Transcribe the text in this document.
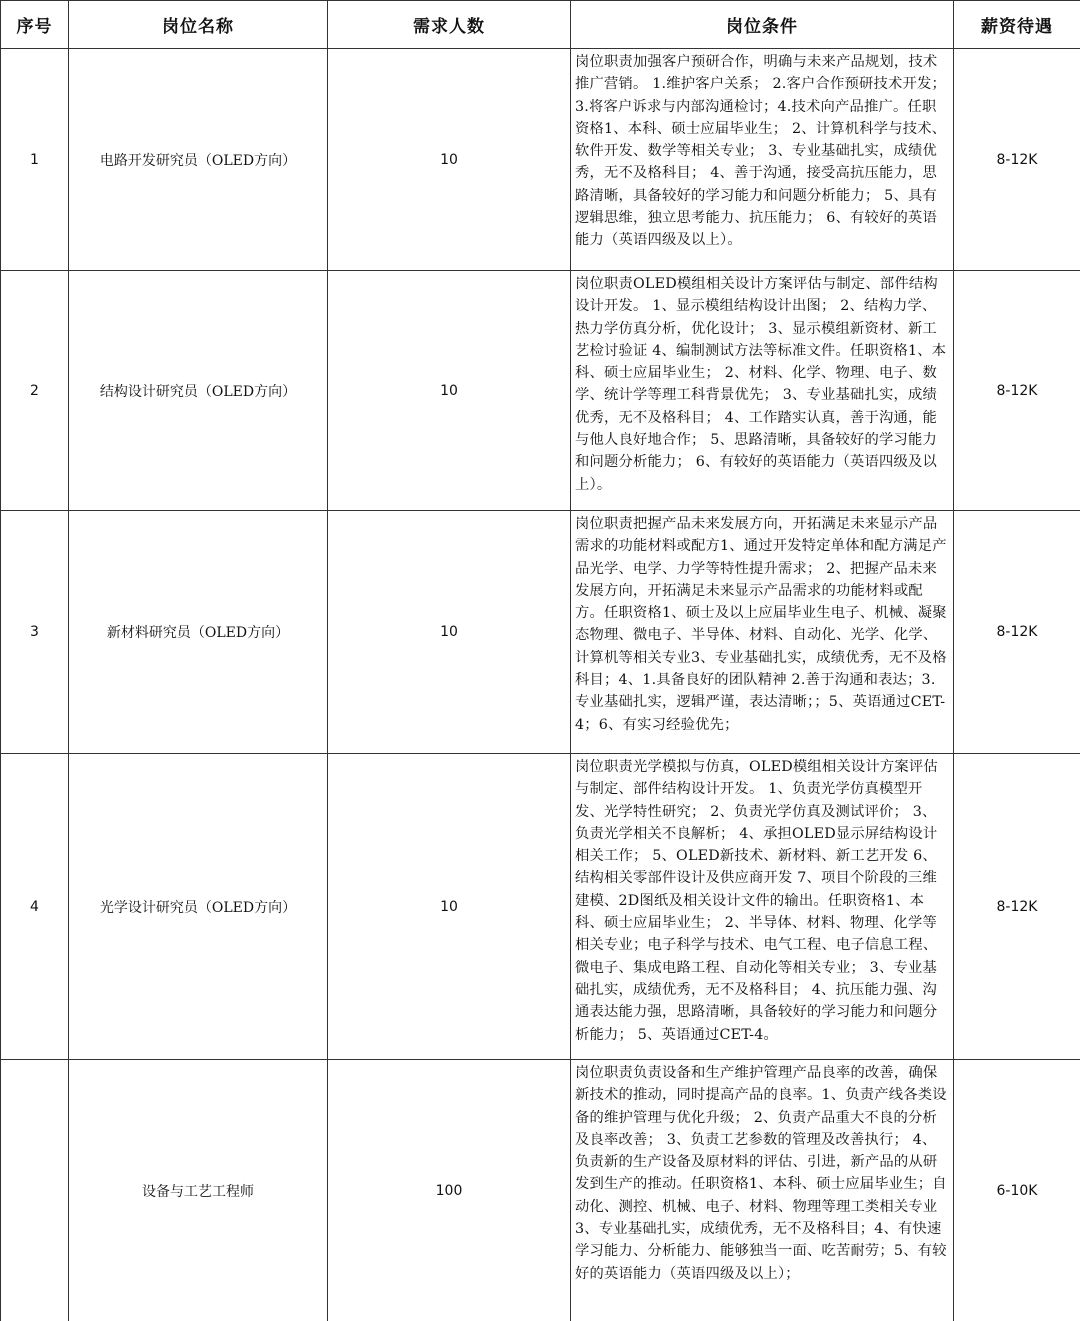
序号	岗位名称	需求人数	岗位条件	薪资待遇
1	电路开发研究员（OLED方向）	10	岗位职责加强客户预研合作，明确与未来产品规划，技术推广营销。 1.维护客户关系； 2.客户合作预研技术开发； 3.将客户诉求与内部沟通检讨；4.技术向产品推广。任职资格1、本科、硕士应届毕业生； 2、计算机科学与技术、软件开发、数学等相关专业； 3、专业基础扎实，成绩优秀，无不及格科目； 4、善于沟通，接受高抗压能力，思路清晰，具备较好的学习能力和问题分析能力； 5、具有逻辑思维，独立思考能力、抗压能力； 6、有较好的英语能力（英语四级及以上）。	8-12K
2	结构设计研究员（OLED方向）	10	岗位职责OLED模组相关设计方案评估与制定、部件结构设计开发。 1、显示模组结构设计出图； 2、结构力学、热力学仿真分析，优化设计； 3、显示模组新资材、新工艺检讨验证 4、编制测试方法等标准文件。任职资格1、本科、硕士应届毕业生； 2、材料、化学、物理、电子、数学、统计学等理工科背景优先； 3、专业基础扎实，成绩优秀，无不及格科目； 4、工作踏实认真，善于沟通，能与他人良好地合作； 5、思路清晰，具备较好的学习能力和问题分析能力； 6、有较好的英语能力（英语四级及以上）。	8-12K
3	新材料研究员（OLED方向）	10	岗位职责把握产品未来发展方向，开拓满足未来显示产品需求的功能材料或配方1、通过开发特定单体和配方满足产品光学、电学、力学等特性提升需求； 2、把握产品未来发展方向，开拓满足未来显示产品需求的功能材料或配方。任职资格1、硕士及以上应届毕业生电子、机械、凝聚态物理、微电子、半导体、材料、自动化、光学、化学、计算机等相关专业3、专业基础扎实，成绩优秀，无不及格科目；4、1.具备良好的团队精神 2.善于沟通和表达；3.专业基础扎实，逻辑严谨，表达清晰；；5、英语通过CET-4；6、有实习经验优先；	8-12K
4	光学设计研究员（OLED方向）	10	岗位职责光学模拟与仿真，OLED模组相关设计方案评估与制定、部件结构设计开发。 1、负责光学仿真模型开发、光学特性研究； 2、负责光学仿真及测试评价； 3、负责光学相关不良解析； 4、承担OLED显示屏结构设计相关工作； 5、OLED新技术、新材料、新工艺开发 6、结构相关零部件设计及供应商开发 7、项目个阶段的三维建模、2D图纸及相关设计文件的输出。任职资格1、本科、硕士应届毕业生； 2、半导体、材料、物理、化学等相关专业；电子科学与技术、电气工程、电子信息工程、微电子、集成电路工程、自动化等相关专业； 3、专业基础扎实，成绩优秀，无不及格科目； 4、抗压能力强、沟通表达能力强，思路清晰，具备较好的学习能力和问题分析能力； 5、英语通过CET-4。	8-12K
	设备与工艺工程师	100	岗位职责负责设备和生产维护管理产品良率的改善，确保新技术的推动，同时提高产品的良率。1、负责产线各类设备的维护管理与优化升级； 2、负责产品重大不良的分析及良率改善； 3、负责工艺参数的管理及改善执行； 4、负责新的生产设备及原材料的评估、引进，新产品的从研发到生产的推动。任职资格1、本科、硕士应届毕业生；自动化、测控、机械、电子、材料、物理等理工类相关专业3、专业基础扎实，成绩优秀，无不及格科目；4、有快速学习能力、分析能力、能够独当一面、吃苦耐劳；5、有较好的英语能力（英语四级及以上）；	6-10K
